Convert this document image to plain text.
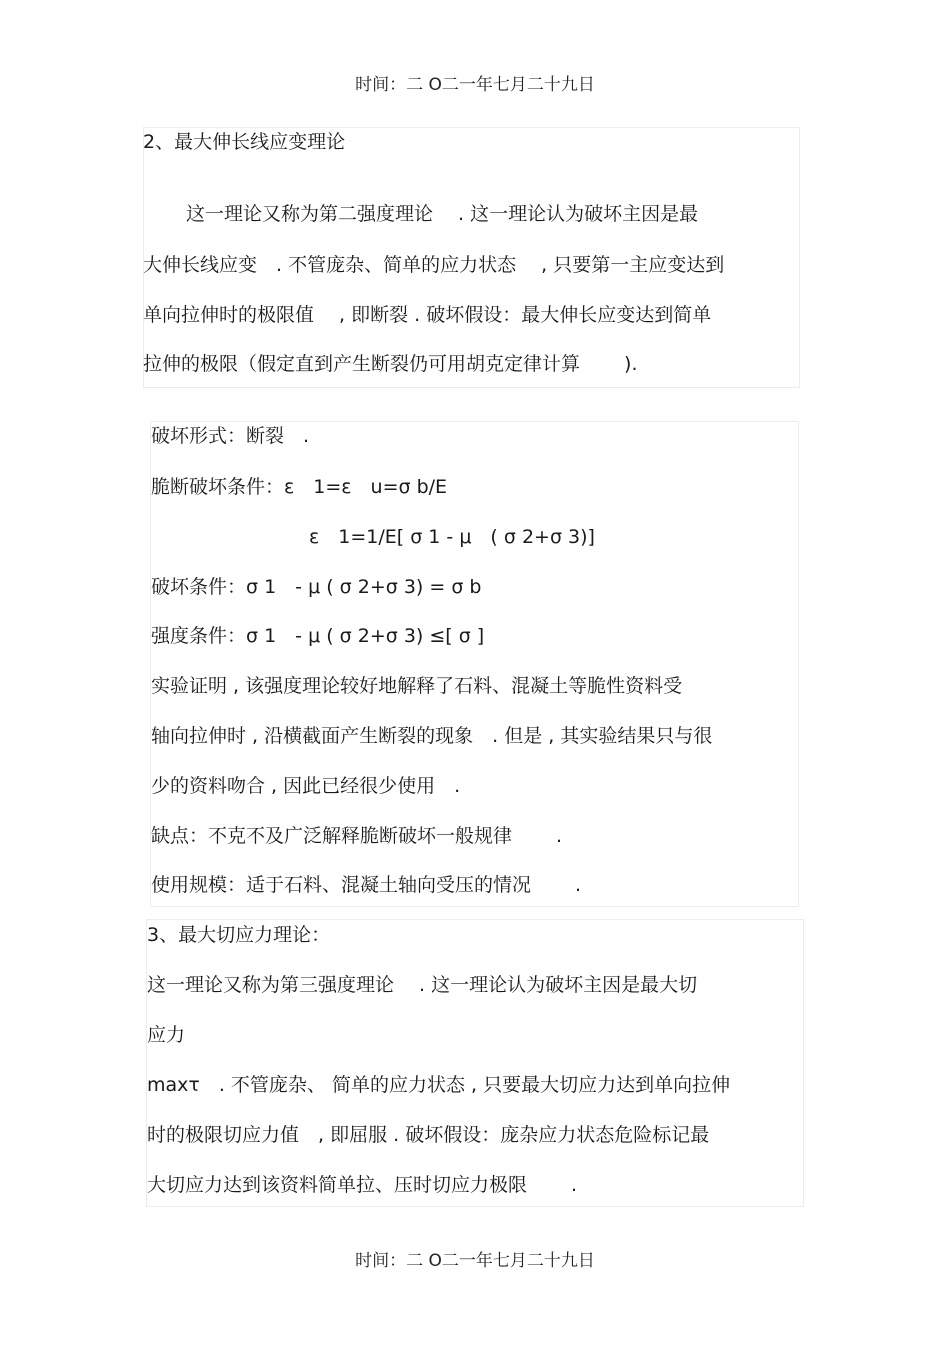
时间：二 O二一年七月二十九日
2、最大伸长线应变理论
这一理论又称为第二强度理论　 . 这一理论认为破坏主因是最
大伸长线应变　. 不管庞杂、简单的应力状态　 , 只要第一主应变达到
单向拉伸时的极限值　 , 即断裂 . 破坏假设：最大伸长应变达到简单
拉伸的极限（假定直到产生断裂仍可用胡克定律计算　　 ).
破坏形式：断裂　.
脆断破坏条件：ε　1=ε　u=σ b/E
ε　1=1/E[ σ 1 - μ　( σ 2+σ 3)]
破坏条件：σ 1　- μ ( σ 2+σ 3) = σ b
强度条件：σ 1　- μ ( σ 2+σ 3) ≤[ σ ]
实验证明 , 该强度理论较好地解释了石料、混凝土等脆性资料受
轴向拉伸时 , 沿横截面产生断裂的现象　. 但是 , 其实验结果只与很
少的资料吻合 , 因此已经很少使用　.
缺点：不克不及广泛解释脆断破坏一般规律　　 .
使用规模：适于石料、混凝土轴向受压的情况　　 .
3、最大切应力理论：
这一理论又称为第三强度理论　 . 这一理论认为破坏主因是最大切
应力
maxτ　. 不管庞杂、 简单的应力状态 , 只要最大切应力达到单向拉伸
时的极限切应力值　, 即屈服 . 破坏假设：庞杂应力状态危险标记最
大切应力达到该资料简单拉、压时切应力极限　　 .
时间：二 O二一年七月二十九日
